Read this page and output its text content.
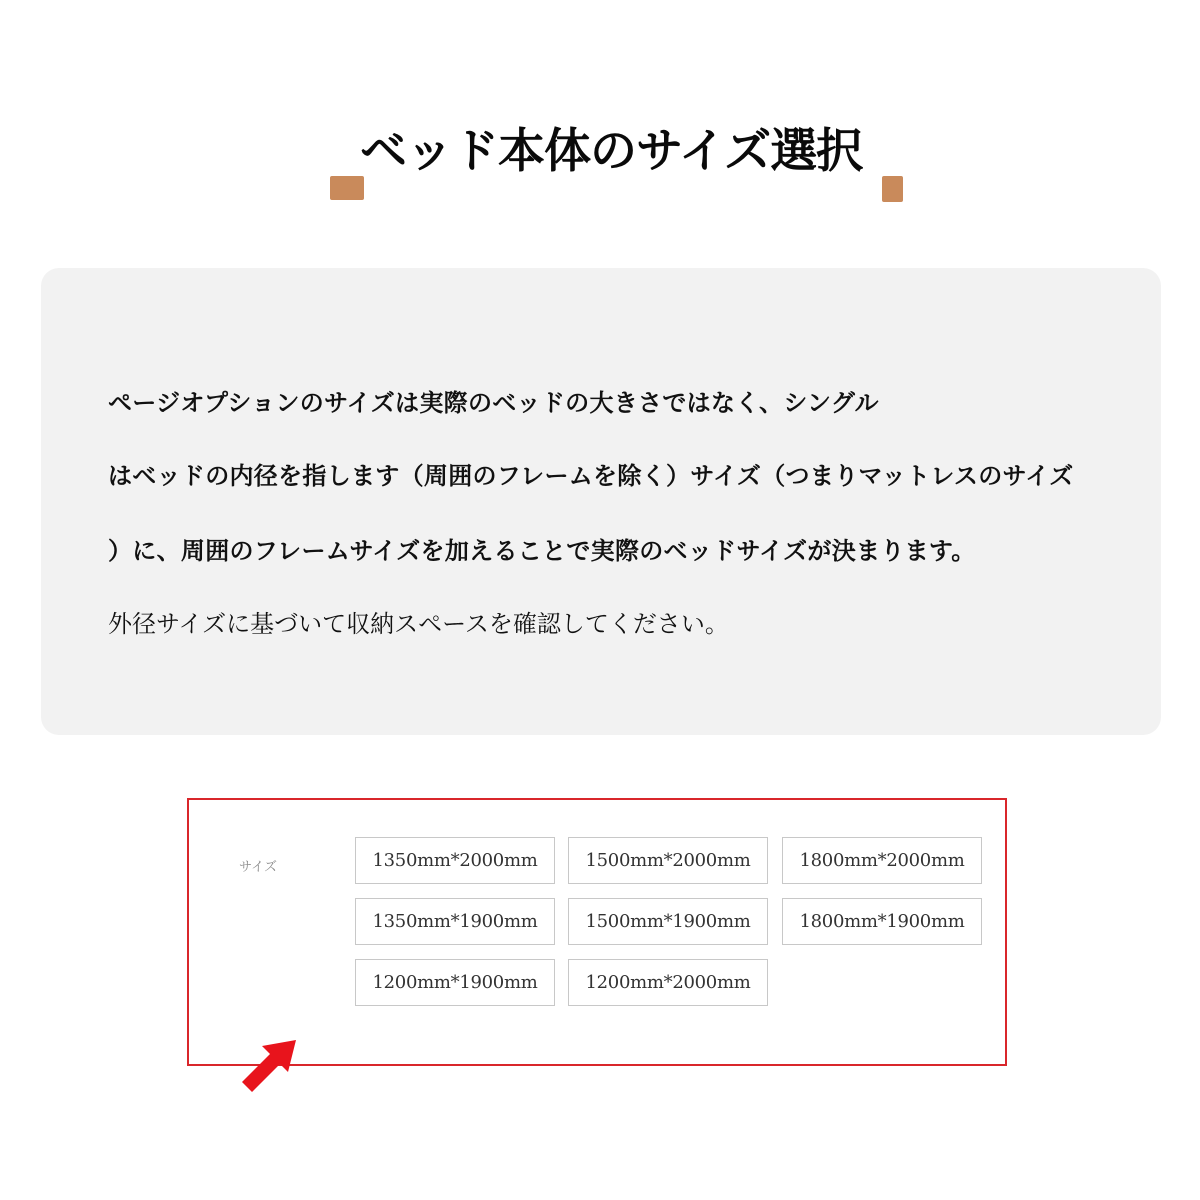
ベッド本体のサイズ選択

ページオプションのサイズは実際のベッドの大きさではなく、シングル

はベッドの内径を指します（周囲のフレームを除く）サイズ（つまりマットレスのサイズ

）に、周囲のフレームサイズを加えることで実際のベッドサイズが決まります。

外径サイズに基づいて収納スペースを確認してください。

サイズ	1350mm*2000mm	1500mm*2000mm	1800mm*2000mm
1350mm*1900mm	1500mm*1900mm	1800mm*1900mm
1200mm*1900mm	1200mm*2000mm
